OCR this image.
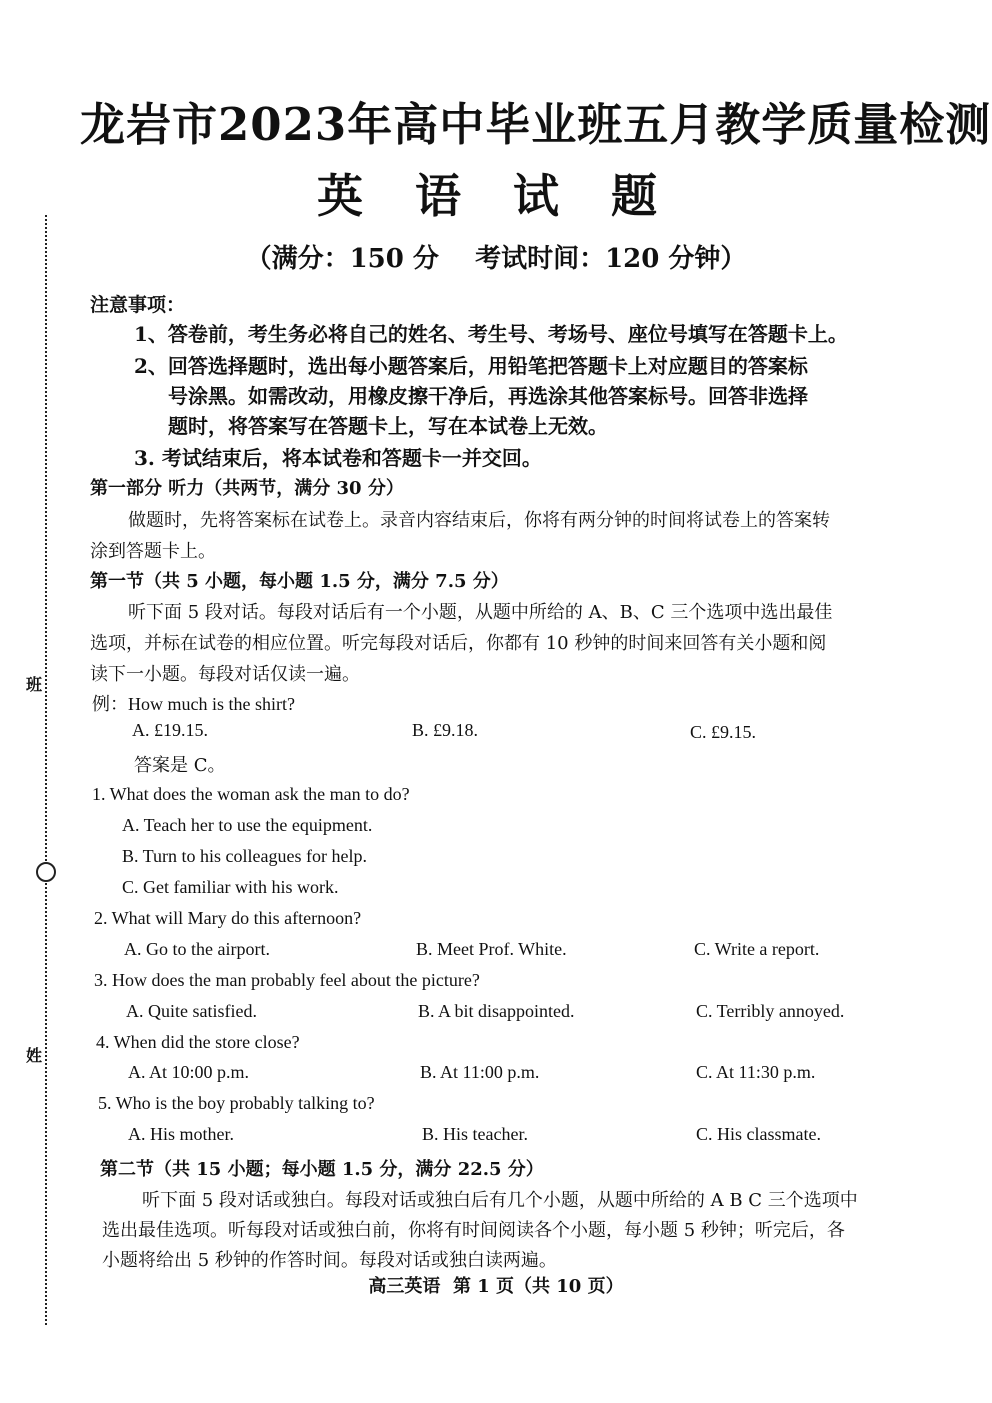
班
姓
龙岩市2023年高中毕业班五月教学质量检测
英 语 试 题
（满分：150 分    考试时间：120 分钟）
注意事项：
1、答卷前，考生务必将自己的姓名、考生号、考场号、座位号填写在答题卡上。
2、回答选择题时，选出每小题答案后，用铅笔把答题卡上对应题目的答案标
号涂黑。如需改动，用橡皮擦干净后，再选涂其他答案标号。回答非选择
题时，将答案写在答题卡上，写在本试卷上无效。
3. 考试结束后，将本试卷和答题卡一并交回。
第一部分 听力（共两节，满分 30 分）
做题时，先将答案标在试卷上。录音内容结束后，你将有两分钟的时间将试卷上的答案转
涂到答题卡上。
第一节（共 5 小题，每小题 1.5 分，满分 7.5 分）
听下面 5 段对话。每段对话后有一个小题，从题中所给的 A、B、C 三个选项中选出最佳
选项，并标在试卷的相应位置。听完每段对话后，你都有 10 秒钟的时间来回答有关小题和阅
读下一小题。每段对话仅读一遍。
例：How much is the shirt?
A. £19.15.	B. £9.18.	C. £9.15.
答案是 C。
1. What does the woman ask the man to do?
A. Teach her to use the equipment.
B. Turn to his colleagues for help.
C. Get familiar with his work.
2. What will Mary do this afternoon?
A. Go to the airport.	B. Meet Prof. White.	C. Write a report.
3. How does the man probably feel about the picture?
A. Quite satisfied.	B. A bit disappointed.	C. Terribly annoyed.
4. When did the store close?
A. At 10:00 p.m.	B. At 11:00 p.m.	C. At 11:30 p.m.
5. Who is the boy probably talking to?
A. His mother.	B. His teacher.	C. His classmate.
第二节（共 15 小题；每小题 1.5 分，满分 22.5 分）
听下面 5 段对话或独白。每段对话或独白后有几个小题，从题中所给的 A B C 三个选项中
选出最佳选项。听每段对话或独白前，你将有时间阅读各个小题，每小题 5 秒钟；听完后，各
小题将给出 5 秒钟的作答时间。每段对话或独白读两遍。
高三英语  第 1 页（共 10 页）
